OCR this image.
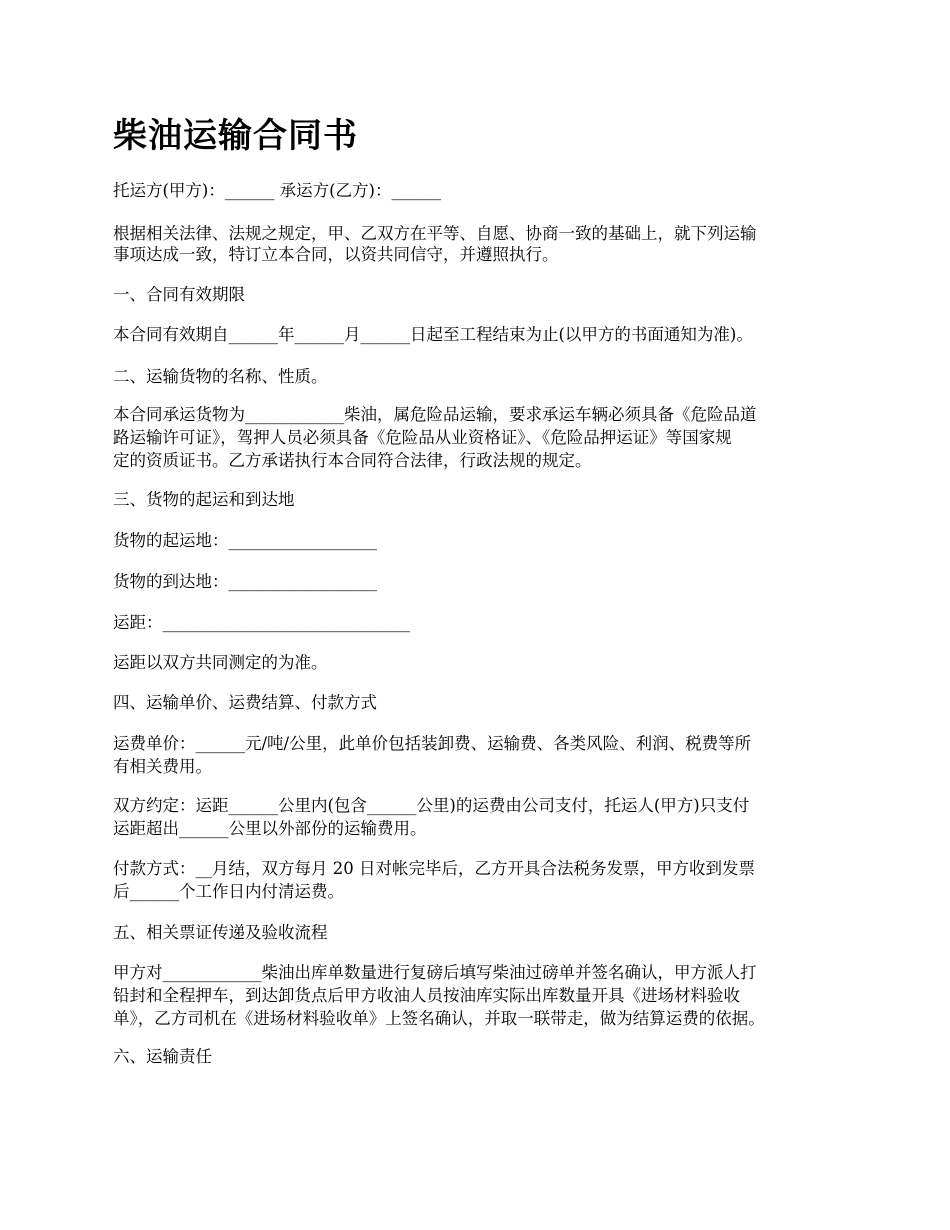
柴油运输合同书

托运方(甲方)：______ 承运方(乙方)：______

根据相关法律、法规之规定，甲、乙双方在平等、自愿、协商一致的基础上，就下列运输

事项达成一致，特订立本合同，以资共同信守，并遵照执行。

一、合同有效期限

本合同有效期自______年______月______日起至工程结束为止(以甲方的书面通知为准)。

二、运输货物的名称、性质。

本合同承运货物为____________柴油，属危险品运输，要求承运车辆必须具备《危险品道

路运输许可证》，驾押人员必须具备《危险品从业资格证》、《危险品押运证》等国家规

定的资质证书。乙方承诺执行本合同符合法律，行政法规的规定。

三、货物的起运和到达地

货物的起运地：__________________

货物的到达地：__________________

运距：______________________________

运距以双方共同测定的为准。

四、运输单价、运费结算、付款方式

运费单价：______元/吨/公里，此单价包括装卸费、运输费、各类风险、利润、税费等所

有相关费用。

双方约定：运距______公里内(包含______公里)的运费由公司支付，托运人(甲方)只支付

运距超出______公里以外部份的运输费用。

付款方式：__月结，双方每月 20 日对帐完毕后，乙方开具合法税务发票，甲方收到发票

后______个工作日内付清运费。

五、相关票证传递及验收流程

甲方对____________柴油出库单数量进行复磅后填写柴油过磅单并签名确认，甲方派人打

铅封和全程押车，到达卸货点后甲方收油人员按油库实际出库数量开具《进场材料验收

单》，乙方司机在《进场材料验收单》上签名确认，并取一联带走，做为结算运费的依据。

六、运输责任
